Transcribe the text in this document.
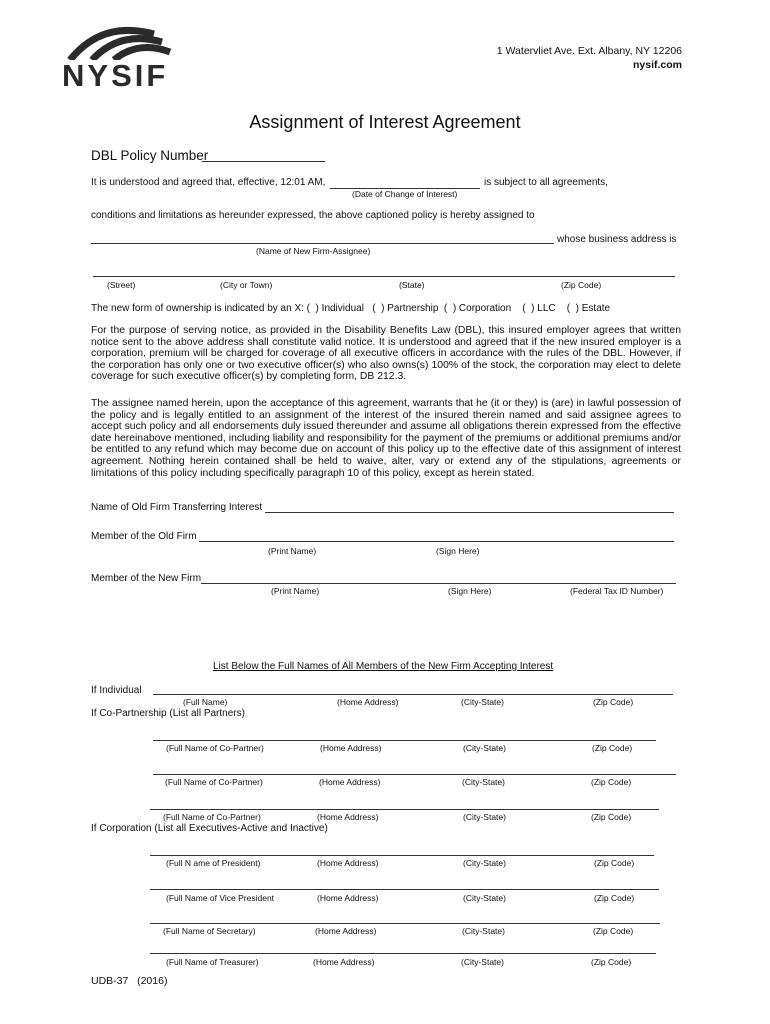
NYSIF
1 Watervliet Ave. Ext. Albany, NY 12206
nysif.com
Assignment of Interest Agreement
DBL Policy Number
It is understood and agreed that, effective, 12:01 AM,	is subject to all agreements,
(Date of Change of Interest)
conditions and limitations as hereunder expressed, the above captioned policy is hereby assigned to
whose business address is
(Name of New Firm-Assignee)
(Street)	(City or Town)	(State)	(Zip Code)
The new form of ownership is indicated by an X: (  ) Individual   (  ) Partnership  (  ) Corporation    (  ) LLC    (  ) Estate
For the purpose of serving notice, as provided in the Disability Benefits Law (DBL), this insured employer agrees that written notice sent to the above address shall constitute valid notice. It is understood and agreed that if the new insured employer is a corporation, premium will be charged for coverage of all executive officers in accordance with the rules of the DBL. However, if the corporation has only one or two executive officer(s) who also owns(s) 100% of the stock, the corporation may elect to delete coverage for such executive officer(s) by completing form, DB 212.3.
The assignee named herein, upon the acceptance of this agreement, warrants that he (it or they) is (are) in lawful possession of the policy and is legally entitled to an assignment of the interest of the insured therein named and said assignee agrees to accept such policy and all endorsements duly issued thereunder and assume all obligations therein expressed from the effective date hereinabove mentioned, including liability and responsibility for the payment of the premiums or additional premiums and/or be entitled to any refund which may become due on account of this policy up to the effective date of this assignment of interest agreement. Nothing herein contained shall be held to waive, alter, vary or extend any of the stipulations, agreements or limitations of this policy including specifically paragraph 10 of this policy, except as herein stated.
Name of Old Firm Transferring Interest
Member of the Old Firm
(Print Name)	(Sign Here)
Member of the New Firm
(Print Name)	(Sign Here)	(Federal Tax ID Number)
List Below the Full Names of All Members of the New Firm Accepting Interest
If Individual
(Full Name)	(Home Address)	(City-State)	(Zip Code)
If Co-Partnership (List all Partners)
(Full Name of Co-Partner)	(Home Address)	(City-State)	(Zip Code)
(Full Name of Co-Partner)	(Home Address)	(City-State)	(Zip Code)
(Full Name of Co-Partner)	(Home Address)	(City-State)	(Zip Code)
If Corporation (List all Executives-Active and Inactive)
(Full N ame of President)	(Home Address)	(City-State)	(Zip Code)
(Full Name of Vice President	(Home Address)	(City-State)	(Zip Code)
(Full Name of Secretary)	(Home Address)	(City-State)	(Zip Code)
(Full Name of Treasurer)	(Home Address)	(City-State)	(Zip Code)
UDB-37   (2016)
